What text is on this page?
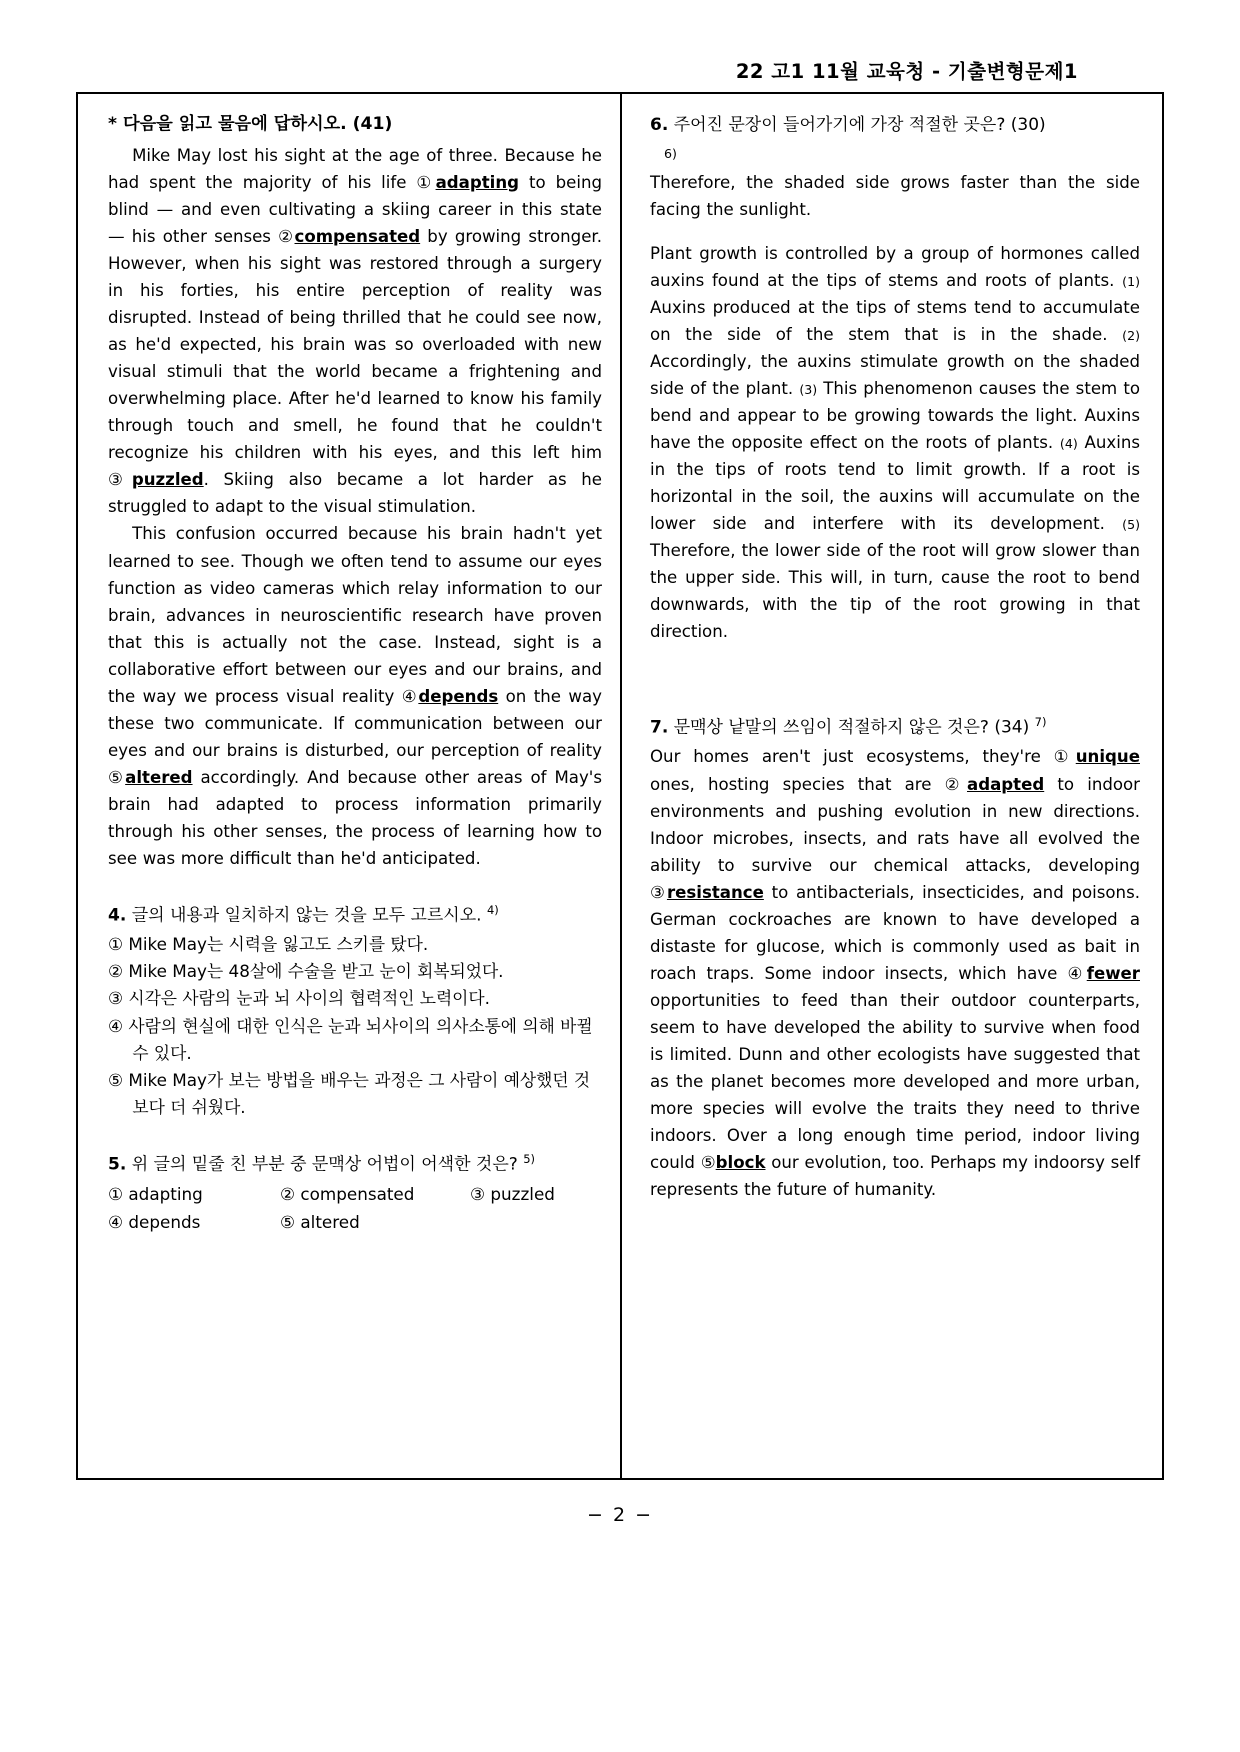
22 고1 11월 교육청 - 기출변형문제1
* 다음을 읽고 물음에 답하시오. (41)

Mike May lost his sight at the age of three. Because he had spent the majority of his life ①adapting to being blind — and even cultivating a skiing career in this state — his other senses ②compensated by growing stronger. However, when his sight was restored through a surgery in his forties, his entire perception of reality was disrupted. Instead of being thrilled that he could see now, as he'd expected, his brain was so overloaded with new visual stimuli that the world became a frightening and overwhelming place. After he'd learned to know his family through touch and smell, he found that he couldn't recognize his children with his eyes, and this left him ③puzzled. Skiing also became a lot harder as he struggled to adapt to the visual stimulation.

This confusion occurred because his brain hadn't yet learned to see. Though we often tend to assume our eyes function as video cameras which relay information to our brain, advances in neuroscientific research have proven that this is actually not the case. Instead, sight is a collaborative effort between our eyes and our brains, and the way we process visual reality ④depends on the way these two communicate. If communication between our eyes and our brains is disturbed, our perception of reality ⑤altered accordingly. And because other areas of May's brain had adapted to process information primarily through his other senses, the process of learning how to see was more difficult than he'd anticipated.

4. 글의 내용과 일치하지 않는 것을 모두 고르시오. $^{4)}$
① Mike May는 시력을 잃고도 스키를 탔다.
② Mike May는 48살에 수술을 받고 눈이 회복되었다.
③ 시각은 사람의 눈과 뇌 사이의 협력적인 노력이다.
④ 사람의 현실에 대한 인식은 눈과 뇌사이의 의사소통에 의해 바뀔 수 있다.
⑤ Mike May가 보는 방법을 배우는 과정은 그 사람이 예상했던 것보다 더 쉬웠다.
5. 위 글의 밑줄 친 부분 중 문맥상 어법이 어색한 것은? $^{5)}$
① adapting	② compensated	③ puzzled
④ depends	⑤ altered
6. 주어진 문장이 들어가기에 가장 적절한 곳은? (30)
6)

Therefore, the shaded side grows faster than the side facing the sunlight.

Plant growth is controlled by a group of hormones called auxins found at the tips of stems and roots of plants. (1) Auxins produced at the tips of stems tend to accumulate on the side of the stem that is in the shade. (2) Accordingly, the auxins stimulate growth on the shaded side of the plant. (3) This phenomenon causes the stem to bend and appear to be growing towards the light. Auxins have the opposite effect on the roots of plants. (4) Auxins in the tips of roots tend to limit growth. If a root is horizontal in the soil, the auxins will accumulate on the lower side and interfere with its development. (5) Therefore, the lower side of the root will grow slower than the upper side. This will, in turn, cause the root to bend downwards, with the tip of the root growing in that direction.

7. 문맥상 낱말의 쓰임이 적절하지 않은 것은? (34) $^{7)}$

Our homes aren't just ecosystems, they're ①unique ones, hosting species that are ②adapted to indoor environments and pushing evolution in new directions. Indoor microbes, insects, and rats have all evolved the ability to survive our chemical attacks, developing ③resistance to antibacterials, insecticides, and poisons. German cockroaches are known to have developed a distaste for glucose, which is commonly used as bait in roach traps. Some indoor insects, which have ④fewer opportunities to feed than their outdoor counterparts, seem to have developed the ability to survive when food is limited. Dunn and other ecologists have suggested that as the planet becomes more developed and more urban, more species will evolve the traits they need to thrive indoors. Over a long enough time period, indoor living could ⑤block our evolution, too. Perhaps my indoorsy self represents the future of humanity.

− 2 −
